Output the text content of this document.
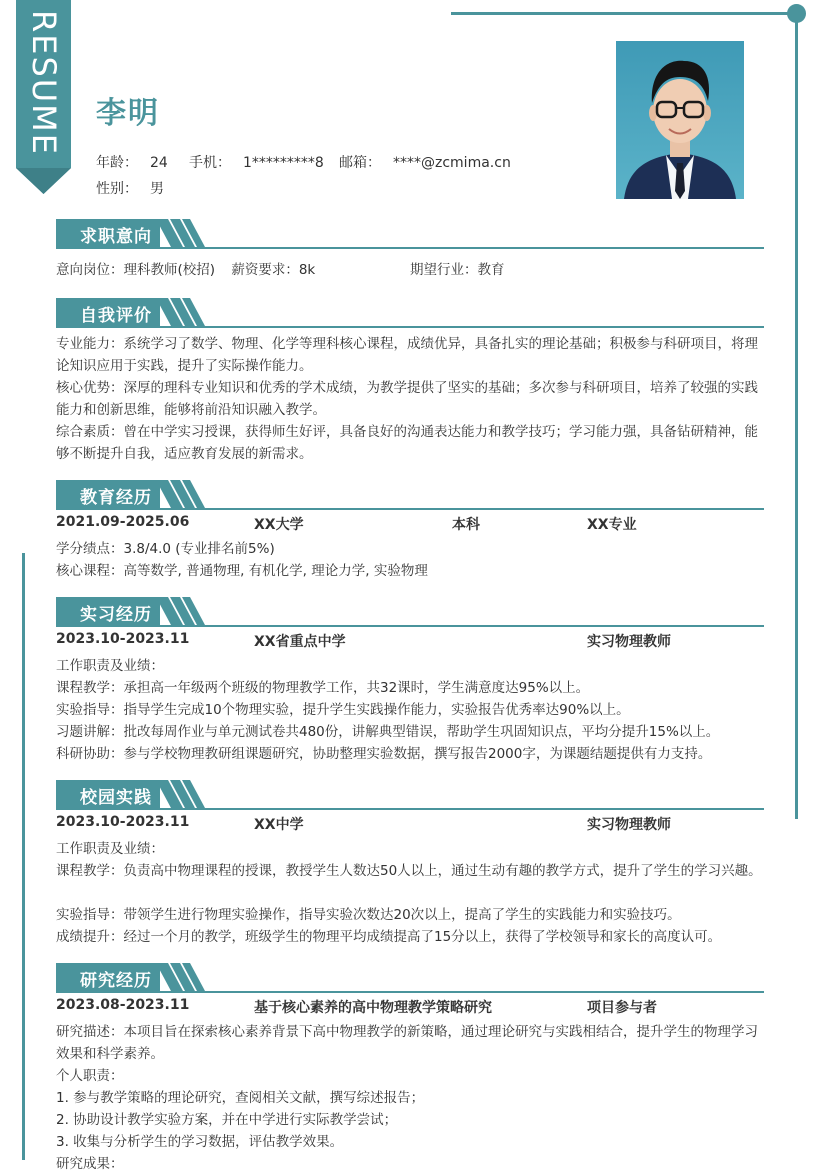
RESUME 李明
年龄： 24 手机： 1*********8 邮箱： ****@zcmima.cn
性别： 男
求职意向
意向岗位：理科教师(校招) 薪资要求：8k	期望行业：教育
自我评价
专业能力：系统学习了数学、物理、化学等理科核心课程，成绩优异，具备扎实的理论基础；积极参与科研项目，将理论知识应用于实践，提升了实际操作能力。
核心优势：深厚的理科专业知识和优秀的学术成绩，为教学提供了坚实的基础；多次参与科研项目，培养了较强的实践能力和创新思维，能够将前沿知识融入教学。
综合素质：曾在中学实习授课，获得师生好评，具备良好的沟通表达能力和教学技巧；学习能力强，具备钻研精神，能够不断提升自我，适应教育发展的新需求。
教育经历
2021.09-2025.06	XX大学	本科	XX专业
学分绩点：3.8/4.0 (专业排名前5%)
核心课程：高等数学, 普通物理, 有机化学, 理论力学, 实验物理
实习经历
2023.10-2023.11	XX省重点中学	实习物理教师
工作职责及业绩：
课程教学：承担高一年级两个班级的物理教学工作，共32课时，学生满意度达95%以上。
实验指导：指导学生完成10个物理实验，提升学生实践操作能力，实验报告优秀率达90%以上。
习题讲解：批改每周作业与单元测试卷共480份，讲解典型错误，帮助学生巩固知识点，平均分提升15%以上。
科研协助：参与学校物理教研组课题研究，协助整理实验数据，撰写报告2000字，为课题结题提供有力支持。
校园实践
2023.10-2023.11	XX中学	实习物理教师
工作职责及业绩：
课程教学：负责高中物理课程的授课，教授学生人数达50人以上，通过生动有趣的教学方式，提升了学生的学习兴趣。
实验指导：带领学生进行物理实验操作，指导实验次数达20次以上，提高了学生的实践能力和实验技巧。
成绩提升：经过一个月的教学，班级学生的物理平均成绩提高了15分以上，获得了学校领导和家长的高度认可。
研究经历
2023.08-2023.11	基于核心素养的高中物理教学策略研究	项目参与者
研究描述：本项目旨在探索核心素养背景下高中物理教学的新策略，通过理论研究与实践相结合，提升学生的物理学习效果和科学素养。
个人职责：
1. 参与教学策略的理论研究，查阅相关文献，撰写综述报告；
2. 协助设计教学实验方案，并在中学进行实际教学尝试；
3. 收集与分析学生的学习数据，评估教学效果。
研究成果：
